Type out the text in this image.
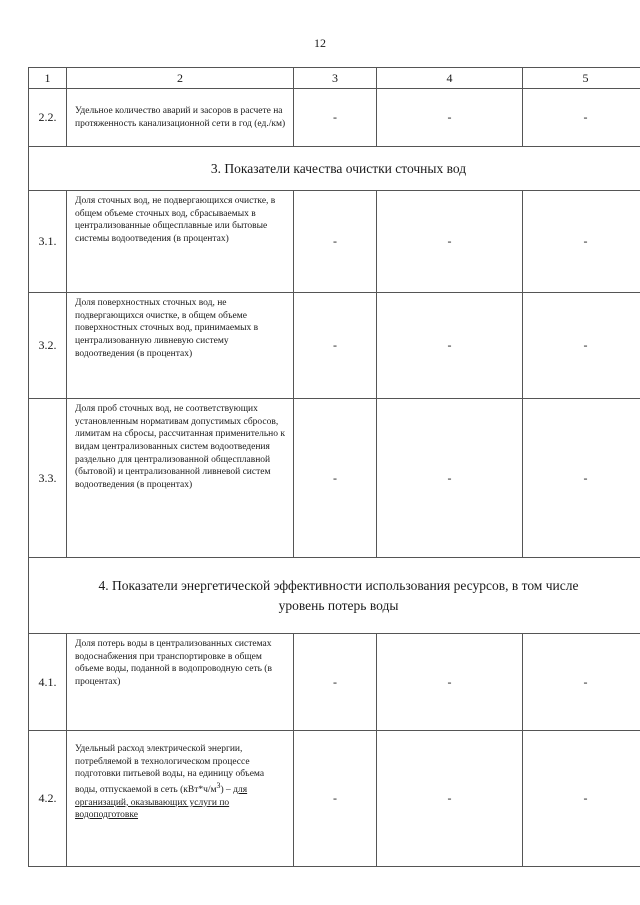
12
1	2	3	4	5
2.2.	Удельное количество аварий и засоров в расчете на протяженность канализационной сети в год (ед./км)	-	-	-
3. Показатели качества очистки сточных вод				
3.1.	Доля сточных вод, не подвергающихся очистке, в общем объеме сточных вод, сбрасываемых в централизованные общесплавные или бытовые системы водоотведения (в процентах)	-	-	-
3.2.	Доля поверхностных сточных вод, не подвергающихся очистке, в общем объеме поверхностных сточных вод, принимаемых в централизованную ливневую систему водоотведения (в процентах)	-	-	-
3.3.	Доля проб сточных вод, не соответствующих установленным нормативам допустимых сбросов, лимитам на сбросы, рассчитанная применительно к видам централизованных систем водоотведения раздельно для централизованной общесплавной (бытовой) и централизованной ливневой систем водоотведения (в процентах)	-	-	-

4. Показатели энергетической эффективности использования ресурсов, в том числе
уровень потерь воды				

4.1.	Доля потерь воды в централизованных системах водоснабжения при транспортировке в общем объеме воды, поданной в водопроводную сеть (в процентах)	-	-	-
4.2.	Удельный расход электрической энергии, потребляемой в технологическом процессе подготовки питьевой воды, на единицу объема воды, отпускаемой в сеть $(кВт*ч/м^3)$ – для организаций, оказывающих услуги по водоподготовке	-	-	-
